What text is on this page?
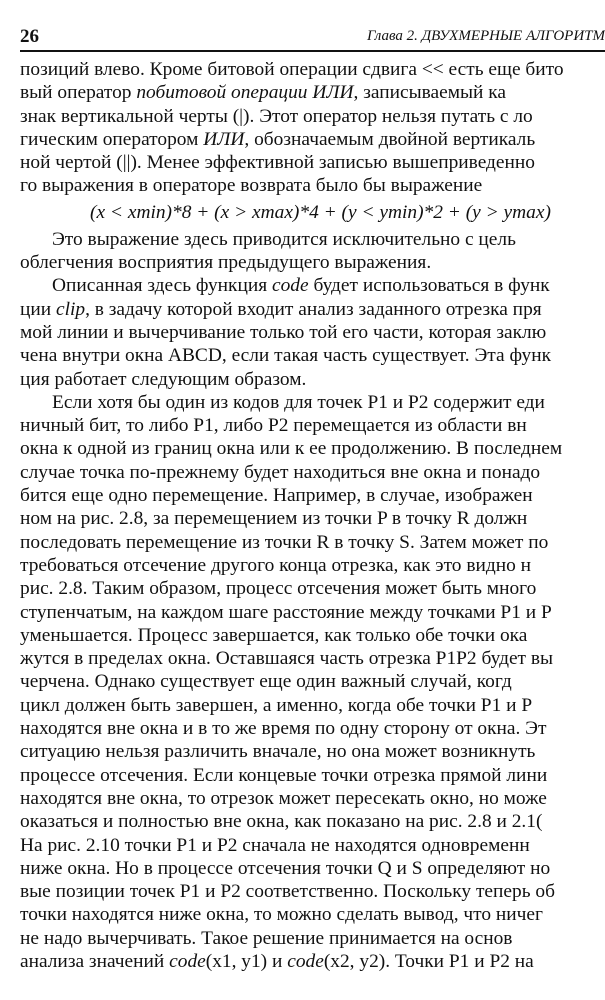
26	Глава 2. ДВУХМЕРНЫЕ АЛГОРИТМ
позиций влево. Кроме битовой операции сдвига << есть еще бито
вый оператор побитовой операции ИЛИ, записываемый ка
знак вертикальной черты (|). Этот оператор нельзя путать с ло
гическим оператором ИЛИ, обозначаемым двойной вертикаль
ной чертой (||). Менее эффективной записью вышеприведенно
го выражения в операторе возврата было бы выражение
(x < xmin)*8 + (x > xmax)*4 + (y < ymin)*2 + (y > ymax)
Это выражение здесь приводится исключительно с цель
облегчения восприятия предыдущего выражения.
Описанная здесь функция code будет использоваться в функ
ции clip, в задачу которой входит анализ заданного отрезка пря
мой линии и вычерчивание только той его части, которая заклю
чена внутри окна ABCD, если такая часть существует. Эта функ
ция работает следующим образом.
Если хотя бы один из кодов для точек P1 и P2 содержит еди
ничный бит, то либо P1, либо P2 перемещается из области вн
окна к одной из границ окна или к ее продолжению. В последнем
случае точка по-прежнему будет находиться вне окна и понадо
бится еще одно перемещение. Например, в случае, изображен
ном на рис. 2.8, за перемещением из точки P в точку R должн
последовать перемещение из точки R в точку S. Затем может по
требоваться отсечение другого конца отрезка, как это видно н
рис. 2.8. Таким образом, процесс отсечения может быть много
ступенчатым, на каждом шаге расстояние между точками P1 и P
уменьшается. Процесс завершается, как только обе точки ока
жутся в пределах окна. Оставшаяся часть отрезка P1P2 будет вы
черчена. Однако существует еще один важный случай, когд
цикл должен быть завершен, а именно, когда обе точки P1 и P
находятся вне окна и в то же время по одну сторону от окна. Эт
ситуацию нельзя различить вначале, но она может возникнуть
процессе отсечения. Если концевые точки отрезка прямой лини
находятся вне окна, то отрезок может пересекать окно, но може
оказаться и полностью вне окна, как показано на рис. 2.8 и 2.1(
На рис. 2.10 точки P1 и P2 сначала не находятся одновременн
ниже окна. Но в процессе отсечения точки Q и S определяют но
вые позиции точек P1 и P2 соответственно. Поскольку теперь об
точки находятся ниже окна, то можно сделать вывод, что ничег
не надо вычерчивать. Такое решение принимается на основ
анализа значений code(x1, y1) и code(x2, y2). Точки P1 и P2 на
